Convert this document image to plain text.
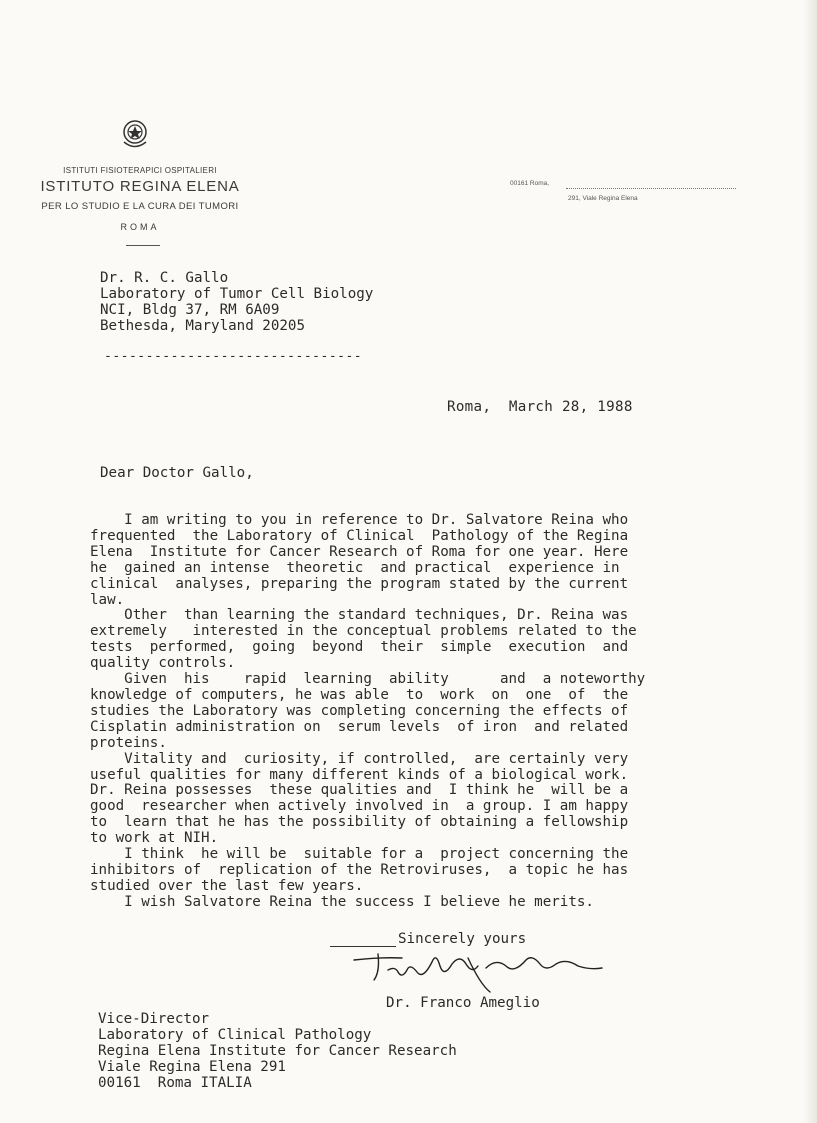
ISTITUTI FISIOTERAPICI OSPITALIERI
ISTITUTO REGINA ELENA
PER LO STUDIO E LA CURA DEI TUMORI
ROMA
00161 Roma,
291, Viale Regina Elena
Dr. R. C. Gallo
Laboratory of Tumor Cell Biology
NCI, Bldg 37, RM 6A09
Bethesda, Maryland 20205
-------------------------------
Roma,  March 28, 1988
Dear Doctor Gallo,
I am writing to you in reference to Dr. Salvatore Reina who
frequented  the Laboratory of Clinical  Pathology of the Regina
Elena  Institute for Cancer Research of Roma for one year. Here
he  gained an intense  theoretic  and practical  experience in
clinical  analyses, preparing the program stated by the current
law.
Other  than learning the standard techniques, Dr. Reina was
extremely   interested in the conceptual problems related to the
tests  performed,  going  beyond  their  simple  execution  and
quality controls.
Given  his    rapid  learning  ability      and  a noteworthy
knowledge of computers, he was able  to  work  on  one  of  the
studies the Laboratory was completing concerning the effects of
Cisplatin administration on  serum levels  of iron  and related
proteins.
Vitality and  curiosity, if controlled,  are certainly very
useful qualities for many different kinds of a biological work.
Dr. Reina possesses  these qualities and  I think he  will be a
good  researcher when actively involved in  a group. I am happy
to  learn that he has the possibility of obtaining a fellowship
to work at NIH.
I think  he will be  suitable for a  project concerning the
inhibitors of  replication of the Retroviruses,  a topic he has
studied over the last few years.
I wish Salvatore Reina the success I believe he merits.
Sincerely yours
Dr. Franco Ameglio
Vice-Director
Laboratory of Clinical Pathology
Regina Elena Institute for Cancer Research
Viale Regina Elena 291
00161  Roma ITALIA
